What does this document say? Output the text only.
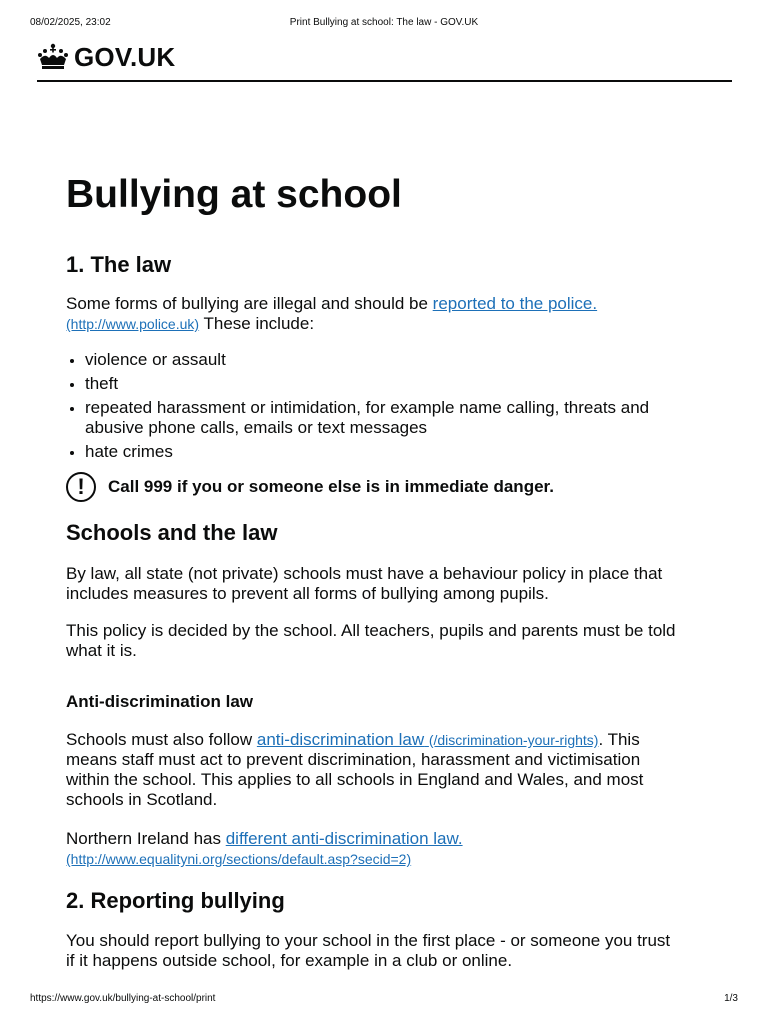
08/02/2025, 23:02	Print Bullying at school: The law - GOV.UK
GOV.UK
Bullying at school
1. The law

Some forms of bullying are illegal and should be reported to the police.
(http://www.police.uk) These include:

• violence or assault
• theft
• repeated harassment or intimidation, for example name calling, threats and abusive phone calls, emails or text messages
• hate crimes
!	Call 999 if you or someone else is in immediate danger.
Schools and the law

By law, all state (not private) schools must have a behaviour policy in place that includes measures to prevent all forms of bullying among pupils.

This policy is decided by the school. All teachers, pupils and parents must be told what it is.

Anti-discrimination law

Schools must also follow anti-discrimination law (/discrimination-your-rights). This means staff must act to prevent discrimination, harassment and victimisation within the school. This applies to all schools in England and Wales, and most schools in Scotland.

Northern Ireland has different anti-discrimination law.
(http://www.equalityni.org/sections/default.asp?secid=2)

2. Reporting bullying

You should report bullying to your school in the first place - or someone you trust if it happens outside school, for example in a club or online.

https://www.gov.uk/bullying-at-school/print	1/3
